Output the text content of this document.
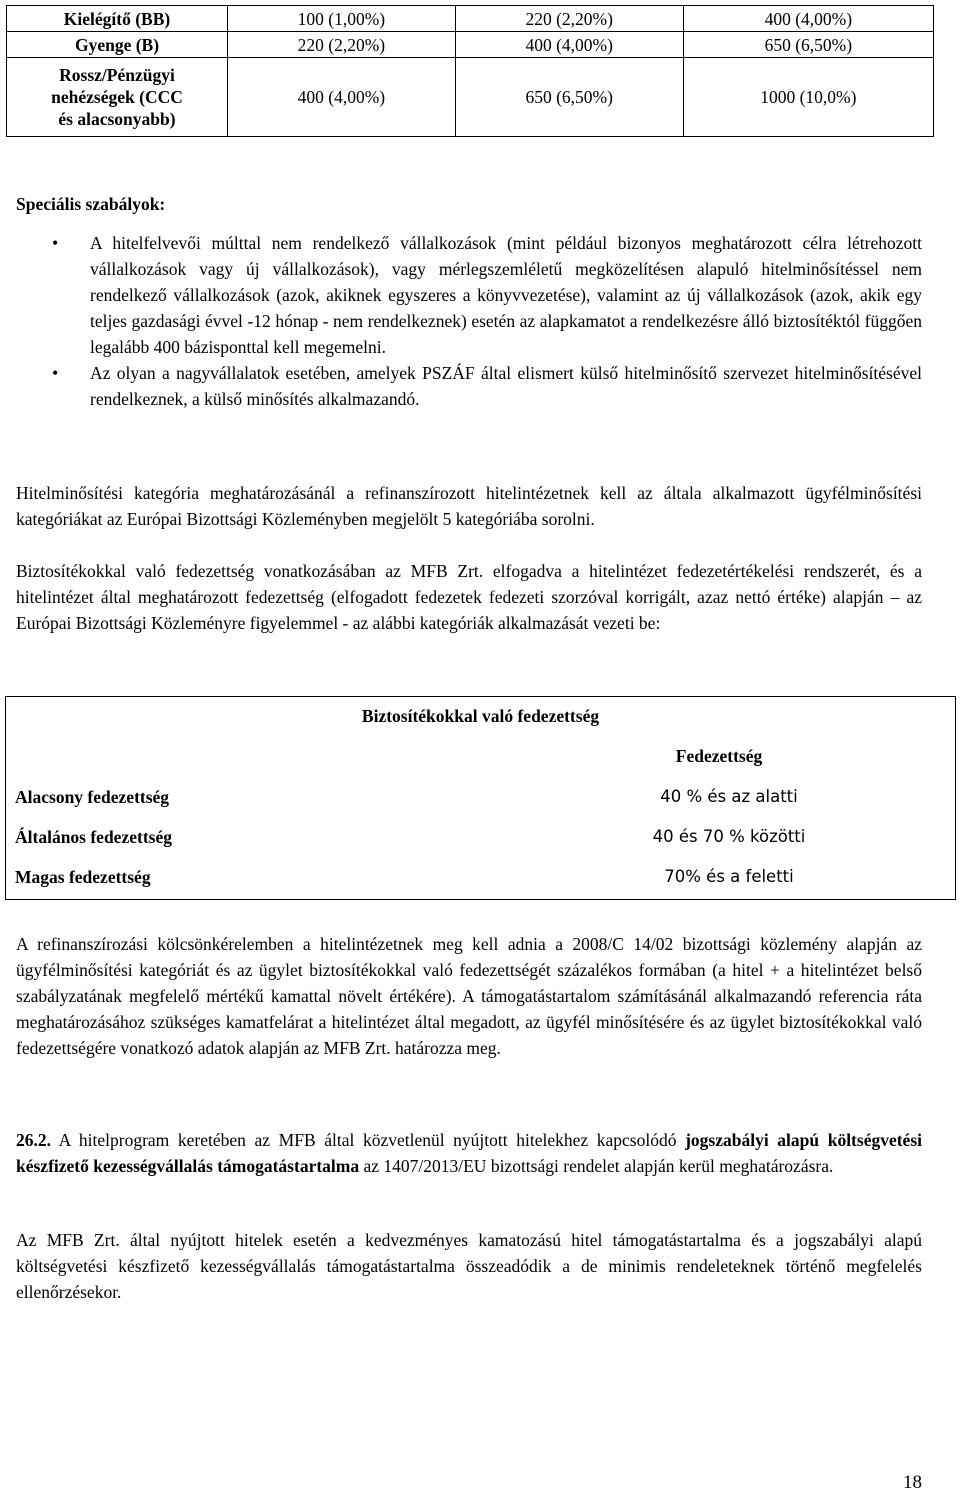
Kielégítő (BB)	100 (1,00%)	220 (2,20%)	400 (4,00%)
Gyenge (B)	220 (2,20%)	400 (4,00%)	650 (6,50%)
Rossz/Pénzügyi
nehézségek (CCC
és alacsonyabb)	400 (4,00%)	650 (6,50%)	1000 (10,0%)
Speciális szabályok:
• A hitelfelvevői múlttal nem rendelkező vállalkozások (mint például bizonyos meghatározott célra létrehozott vállalkozások vagy új vállalkozások), vagy mérlegszemléletű megközelítésen alapuló hitelminősítéssel nem rendelkező vállalkozások (azok, akiknek egyszeres a könyvvezetése), valamint az új vállalkozások (azok, akik egy teljes gazdasági évvel -12 hónap - nem rendelkeznek) esetén az alapkamatot a rendelkezésre álló biztosítéktól függően legalább 400 bázisponttal kell megemelni.
• Az olyan a nagyvállalatok esetében, amelyek PSZÁF által elismert külső hitelminősítő szervezet hitelminősítésével rendelkeznek, a külső minősítés alkalmazandó.

Hitelminősítési kategória meghatározásánál a refinanszírozott hitelintézetnek kell az általa alkalmazott ügyfélminősítési kategóriákat az Európai Bizottsági Közleményben megjelölt 5 kategóriába sorolni.

Biztosítékokkal való fedezettség vonatkozásában az MFB Zrt. elfogadva a hitelintézet fedezetértékelési rendszerét, és a hitelintézet által meghatározott fedezettség (elfogadott fedezetek fedezeti szorzóval korrigált, azaz nettó értéke) alapján – az Európai Bizottsági Közleményre figyelemmel - az alábbi kategóriák alkalmazását vezeti be:

Biztosítékokkal való fedezettség
Fedezettség
Alacsony fedezettség	40 % és az alatti
Általános fedezettség	40 és 70 % közötti
Magas fedezettség	70% és a feletti

A refinanszírozási kölcsönkérelemben a hitelintézetnek meg kell adnia a 2008/C 14/02 bizottsági közlemény alapján az ügyfélminősítési kategóriát és az ügylet biztosítékokkal való fedezettségét százalékos formában (a hitel + a hitelintézet belső szabályzatának megfelelő mértékű kamattal növelt értékére). A támogatástartalom számításánál alkalmazandó referencia ráta meghatározásához szükséges kamatfelárat a hitelintézet által megadott, az ügyfél minősítésére és az ügylet biztosítékokkal való fedezettségére vonatkozó adatok alapján az MFB Zrt. határozza meg.

26.2. A hitelprogram keretében az MFB által közvetlenül nyújtott hitelekhez kapcsolódó jogszabályi alapú költségvetési készfizető kezességvállalás támogatástartalma az 1407/2013/EU bizottsági rendelet alapján kerül meghatározásra.

Az MFB Zrt. által nyújtott hitelek esetén a kedvezményes kamatozású hitel támogatástartalma és a jogszabályi alapú költségvetési készfizető kezességvállalás támogatástartalma összeadódik a de minimis rendeleteknek történő megfelelés ellenőrzésekor.

18
